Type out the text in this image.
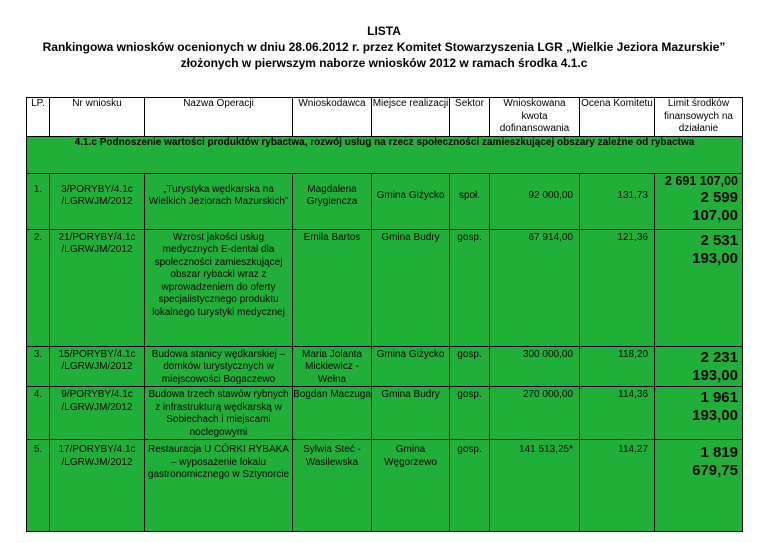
LISTA
Rankingowa wniosków ocenionych w dniu 28.06.2012 r. przez Komitet Stowarzyszenia LGR „Wielkie Jeziora Mazurskie”
złożonych w pierwszym naborze wniosków 2012 w ramach środka 4.1.c
LP.	Nr wniosku	Nazwa Operacji	Wnioskodawca	Miejsce realizacji	Sektor	Wnioskowana kwota dofinansowania	Ocena Komitetu	Limit środków finansowych na działanie
4.1.c Podnoszenie wartości produktów rybactwa, rozwój usług na rzecz społeczności zamieszkującej obszary zależne od rybactwa								
1.	3/PORYBY/4.1c /LGRWJM/2012	„Turystyka wędkarska na Wielkich Jeziorach Mazurskich”	Magdalena Grygiencza	Gmina Giżycko	społ.	92 000,00	131,73	2 691 107,00
2 599 107,00

2.	21/PORYBY/4.1c /LGRWJM/2012	Wzrost jakości usług medycznych E-dental dla społeczności zamieszkującej obszar rybacki wraz z wprowadzeniem do oferty specjalistycznego produktu lokalnego turystyki medycznej	Emila Bartos	Gmina Budry	gosp.	67 914,00	121,36	2 531 193,00

3.	15/PORYBY/4.1c /LGRWJM/2012	Budowa stanicy wędkarskiej – domków turystycznych w miejscowości Bogaczewo	Maria Jolanta Mickiewicz - Wełna	Gmina Giżycko	gosp.	300 000,00	118,20	2 231 193,00

4.	9/PORYBY/4.1c /LGRWJM/2012	Budowa trzech stawów rybnych z infrastrukturą wędkarską w Sobiechach i miejscami noclegowymi	Bogdan Maczuga	Gmina Budry	gosp.	270 000,00	114,36	1 961 193,00

5.	17/PORYBY/4.1c /LGRWJM/2012	Restauracja U CÓRKI RYBAKA – wyposażenie lokalu gastronomicznego w Sztynorcie	Sylwia Steć - Wasilewska	Gmina Węgorzewo	gosp.	141 513,25*	114,27	1 819 679,75
